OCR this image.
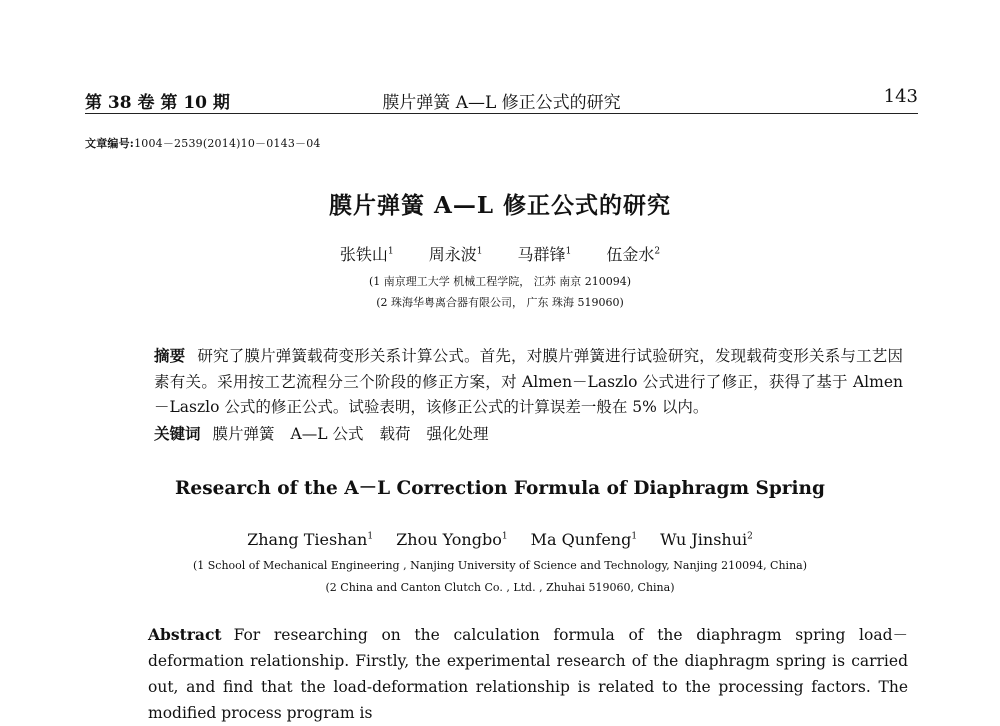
第 38 卷 第 10 期	膜片弹簧 A—L 修正公式的研究	143
文章编号:1004－2539(2014)10－0143－04
膜片弹簧 A—L 修正公式的研究
张铁山$^1$ 周永波$^1$ 马群锋$^1$ 伍金水$^2$
(1 南京理工大学 机械工程学院， 江苏 南京 210094)
(2 珠海华粤离合器有限公司， 广东 珠海 519060)
摘要 研究了膜片弹簧载荷变形关系计算公式。首先，对膜片弹簧进行试验研究，发现载荷变形关系与工艺因素有关。采用按工艺流程分三个阶段的修正方案，对 Almen－Laszlo 公式进行了修正，获得了基于 Almen－Laszlo 公式的修正公式。试验表明，该修正公式的计算误差一般在 5% 以内。
关键词 膜片弹簧 A—L 公式 载荷 强化处理
Research of the A－L Correction Formula of Diaphragm Spring
Zhang Tieshan$^1$ Zhou Yongbo$^1$ Ma Qunfeng$^1$ Wu Jinshui$^2$
(1 School of Mechanical Engineering , Nanjing University of Science and Technology, Nanjing 210094, China)
(2 China and Canton Clutch Co. , Ltd. , Zhuhai 519060, China)
Abstract For researching on the calculation formula of the diaphragm spring load－deformation relationship. Firstly, the experimental research of the diaphragm spring is carried out, and find that the load-deformation relationship is related to the processing factors. The modified process program is
